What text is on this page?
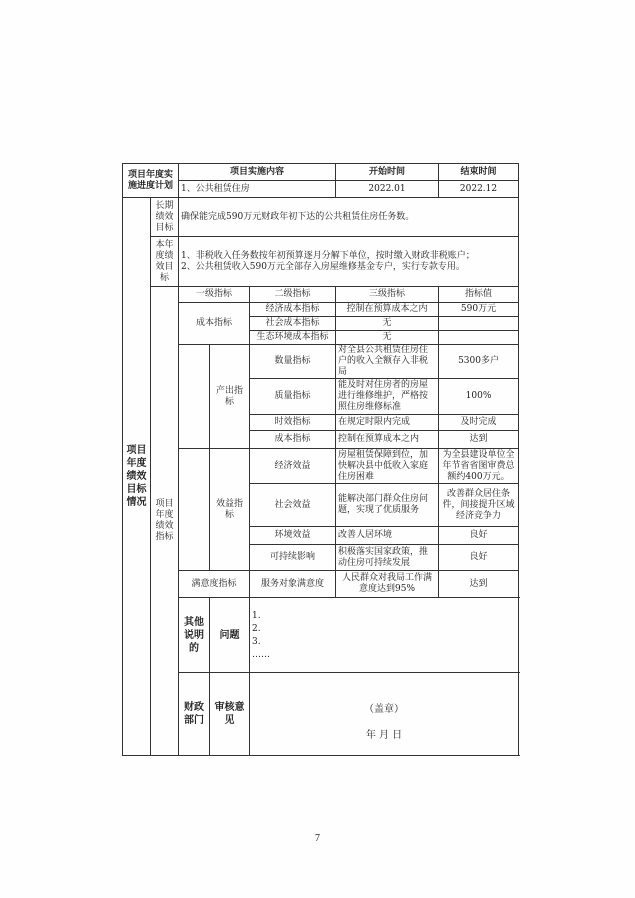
项目年度实施进度计划		项目实施内容			开始时间	结束时间
		1、公共租赁住房			2022.01	2022.12
项目年度绩效目标情况	长期绩效目标	确保能完成590万元财政年初下达的公共租赁住房任务数。				
	本年度绩效目标	1、非税收入任务数按年初预算逐月分解下单位，按时缴入财政非税账户；
2、公共租赁收入590万元全部存入房屋维修基金专户，实行专款专用。				

	项目年度绩效指标	一级指标		二级指标	三级指标	指标值
		成本指标		经济成本指标	控制在预算成本之内	590万元
				社会成本指标	无	
				生态环境成本指标	无	
			产出指标	数量指标	对全县公共租赁住房住户的收入全额存入非税局	5300多户
				质量指标	能及时对住房者的房屋进行维修维护，严格按照住房维修标准	100%
				时效指标	在规定时限内完成	及时完成
				成本指标	控制在预算成本之内	达到
			效益指标	经济效益	房屋租赁保障到位，加快解决县中低收入家庭住房困难	为全县建设单位全年节省省图审费总额约400万元。
				社会效益	能解决部门群众住房问题，实现了优质服务	改善群众居住条件，间接提升区域经济竞争力
				环境效益	改善人居环境	良好
				可持续影响	积极落实国家政策，推动住房可持续发展	良好
		满意度指标		服务对象满意度	人民群众对我局工作满意度达到95%	达到
		其他说明的	问题	1.
2.
3.
……		

		财政部门	审核意见	（盖章）
年 月 日		
7
